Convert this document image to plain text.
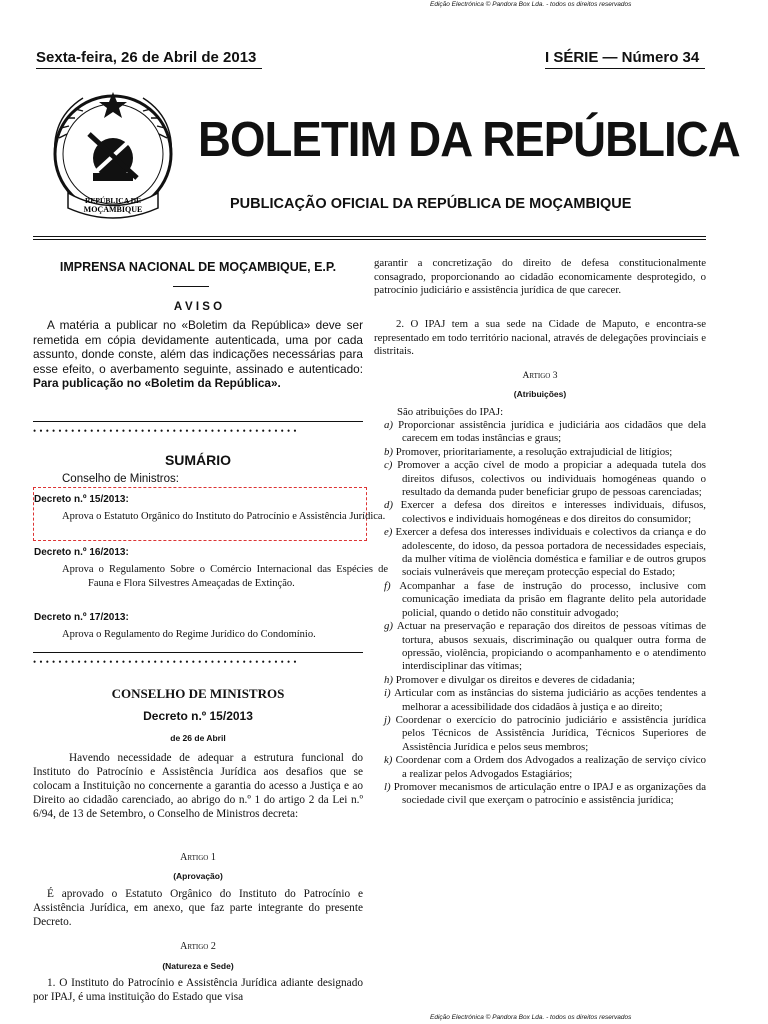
Edição Electrónica © Pandora Box Lda. - todos os direitos reservados
Edição Electrónica © Pandora Box Lda. - todos os direitos reservados
Sexta-feira, 26 de Abril de 2013	I SÉRIE — Número 34
REPÚBLICA DE
MOÇAMBIQUE
BOLETIM DA REPÚBLICA
PUBLICAÇÃO OFICIAL DA REPÚBLICA DE MOÇAMBIQUE
IMPRENSA NACIONAL DE MOÇAMBIQUE, E.P.
A V I S O
A matéria a publicar no «Boletim da República» deve ser remetida em cópia devidamente autenticada, uma por cada assunto, donde conste, além das indicações necessárias para esse efeito, o averbamento seguinte, assinado e autenticado: Para publicação no «Boletim da República».
••••••••••••••••••••••••••••••••••••••••••
SUMÁRIO
Conselho de Ministros:
Decreto n.º 15/2013:
Aprova o Estatuto Orgânico do Instituto do Patrocínio e Assistência Jurídica.
Decreto n.º 16/2013:
Aprova o Regulamento Sobre o Comércio Internacional das Espécies de Fauna e Flora Silvestres Ameaçadas de Extinção.
Decreto n.º 17/2013:
Aprova o Regulamento do Regime Jurídico do Condomínio.
••••••••••••••••••••••••••••••••••••••••••
CONSELHO DE MINISTROS
Decreto n.º 15/2013
de 26 de Abril
Havendo necessidade de adequar a estrutura funcional do Instituto do Patrocínio e Assistência Jurídica aos desafios que se colocam a Instituição no concernente a garantia do acesso a Justiça e ao Direito ao cidadão carenciado, ao abrigo do n.º 1 do artigo 2 da Lei n.º 6/94, de 13 de Setembro, o Conselho de Ministros decreta:
Artigo 1
(Aprovação)
É aprovado o Estatuto Orgânico do Instituto do Patrocínio e Assistência Jurídica, em anexo, que faz parte integrante do presente Decreto.
Artigo 2
(Natureza e Sede)
1. O Instituto do Patrocínio e Assistência Jurídica adiante designado por IPAJ, é uma instituição do Estado que visa
garantir a concretização do direito de defesa constitucionalmente consagrado, proporcionando ao cidadão economicamente desprotegido, o patrocínio judiciário e assistência jurídica de que carecer.
2. O IPAJ tem a sua sede na Cidade de Maputo, e encontra-se representado em todo território nacional, através de delegações provinciais e distritais.
Artigo 3
(Atribuições)
São atribuições do IPAJ:

a) Proporcionar assistência jurídica e judiciária aos cidadãos que dela carecem em todas instâncias e graus;

b) Promover, prioritariamente, a resolução extrajudicial de litígios;

c) Promover a acção cível de modo a propiciar a adequada tutela dos direitos difusos, colectivos ou individuais homogéneas quando o resultado da demanda puder beneficiar grupo de pessoas carenciadas;

d) Exercer a defesa dos direitos e interesses individuais, difusos, colectivos e individuais homogéneas e dos direitos do consumidor;

e) Exercer a defesa dos interesses individuais e colectivos da criança e do adolescente, do idoso, da pessoa portadora de necessidades especiais, da mulher vítima de violência doméstica e familiar e de outros grupos sociais vulneráveis que mereçam protecção especial do Estado;

f) Acompanhar a fase de instrução do processo, inclusive com comunicação imediata da prisão em flagrante delito pela autoridade policial, quando o detido não constituir advogado;

g) Actuar na preservação e reparação dos direitos de pessoas vítimas de tortura, abusos sexuais, discriminação ou qualquer outra forma de opressão, violência, propiciando o acompanhamento e o atendimento interdisciplinar das vítimas;

h) Promover e divulgar os direitos e deveres de cidadania;

i) Articular com as instâncias do sistema judiciário as acções tendentes a melhorar a acessibilidade dos cidadãos à justiça e ao direito;

j) Coordenar o exercício do patrocínio judiciário e assistência jurídica pelos Técnicos de Assistência Jurídica, Técnicos Superiores de Assistência Jurídica e pelos seus membros;

k) Coordenar com a Ordem dos Advogados a realização de serviço cívico a realizar pelos Advogados Estagiários;

l) Promover mecanismos de articulação entre o IPAJ e as organizações da sociedade civil que exerçam o patrocínio e assistência jurídica;
